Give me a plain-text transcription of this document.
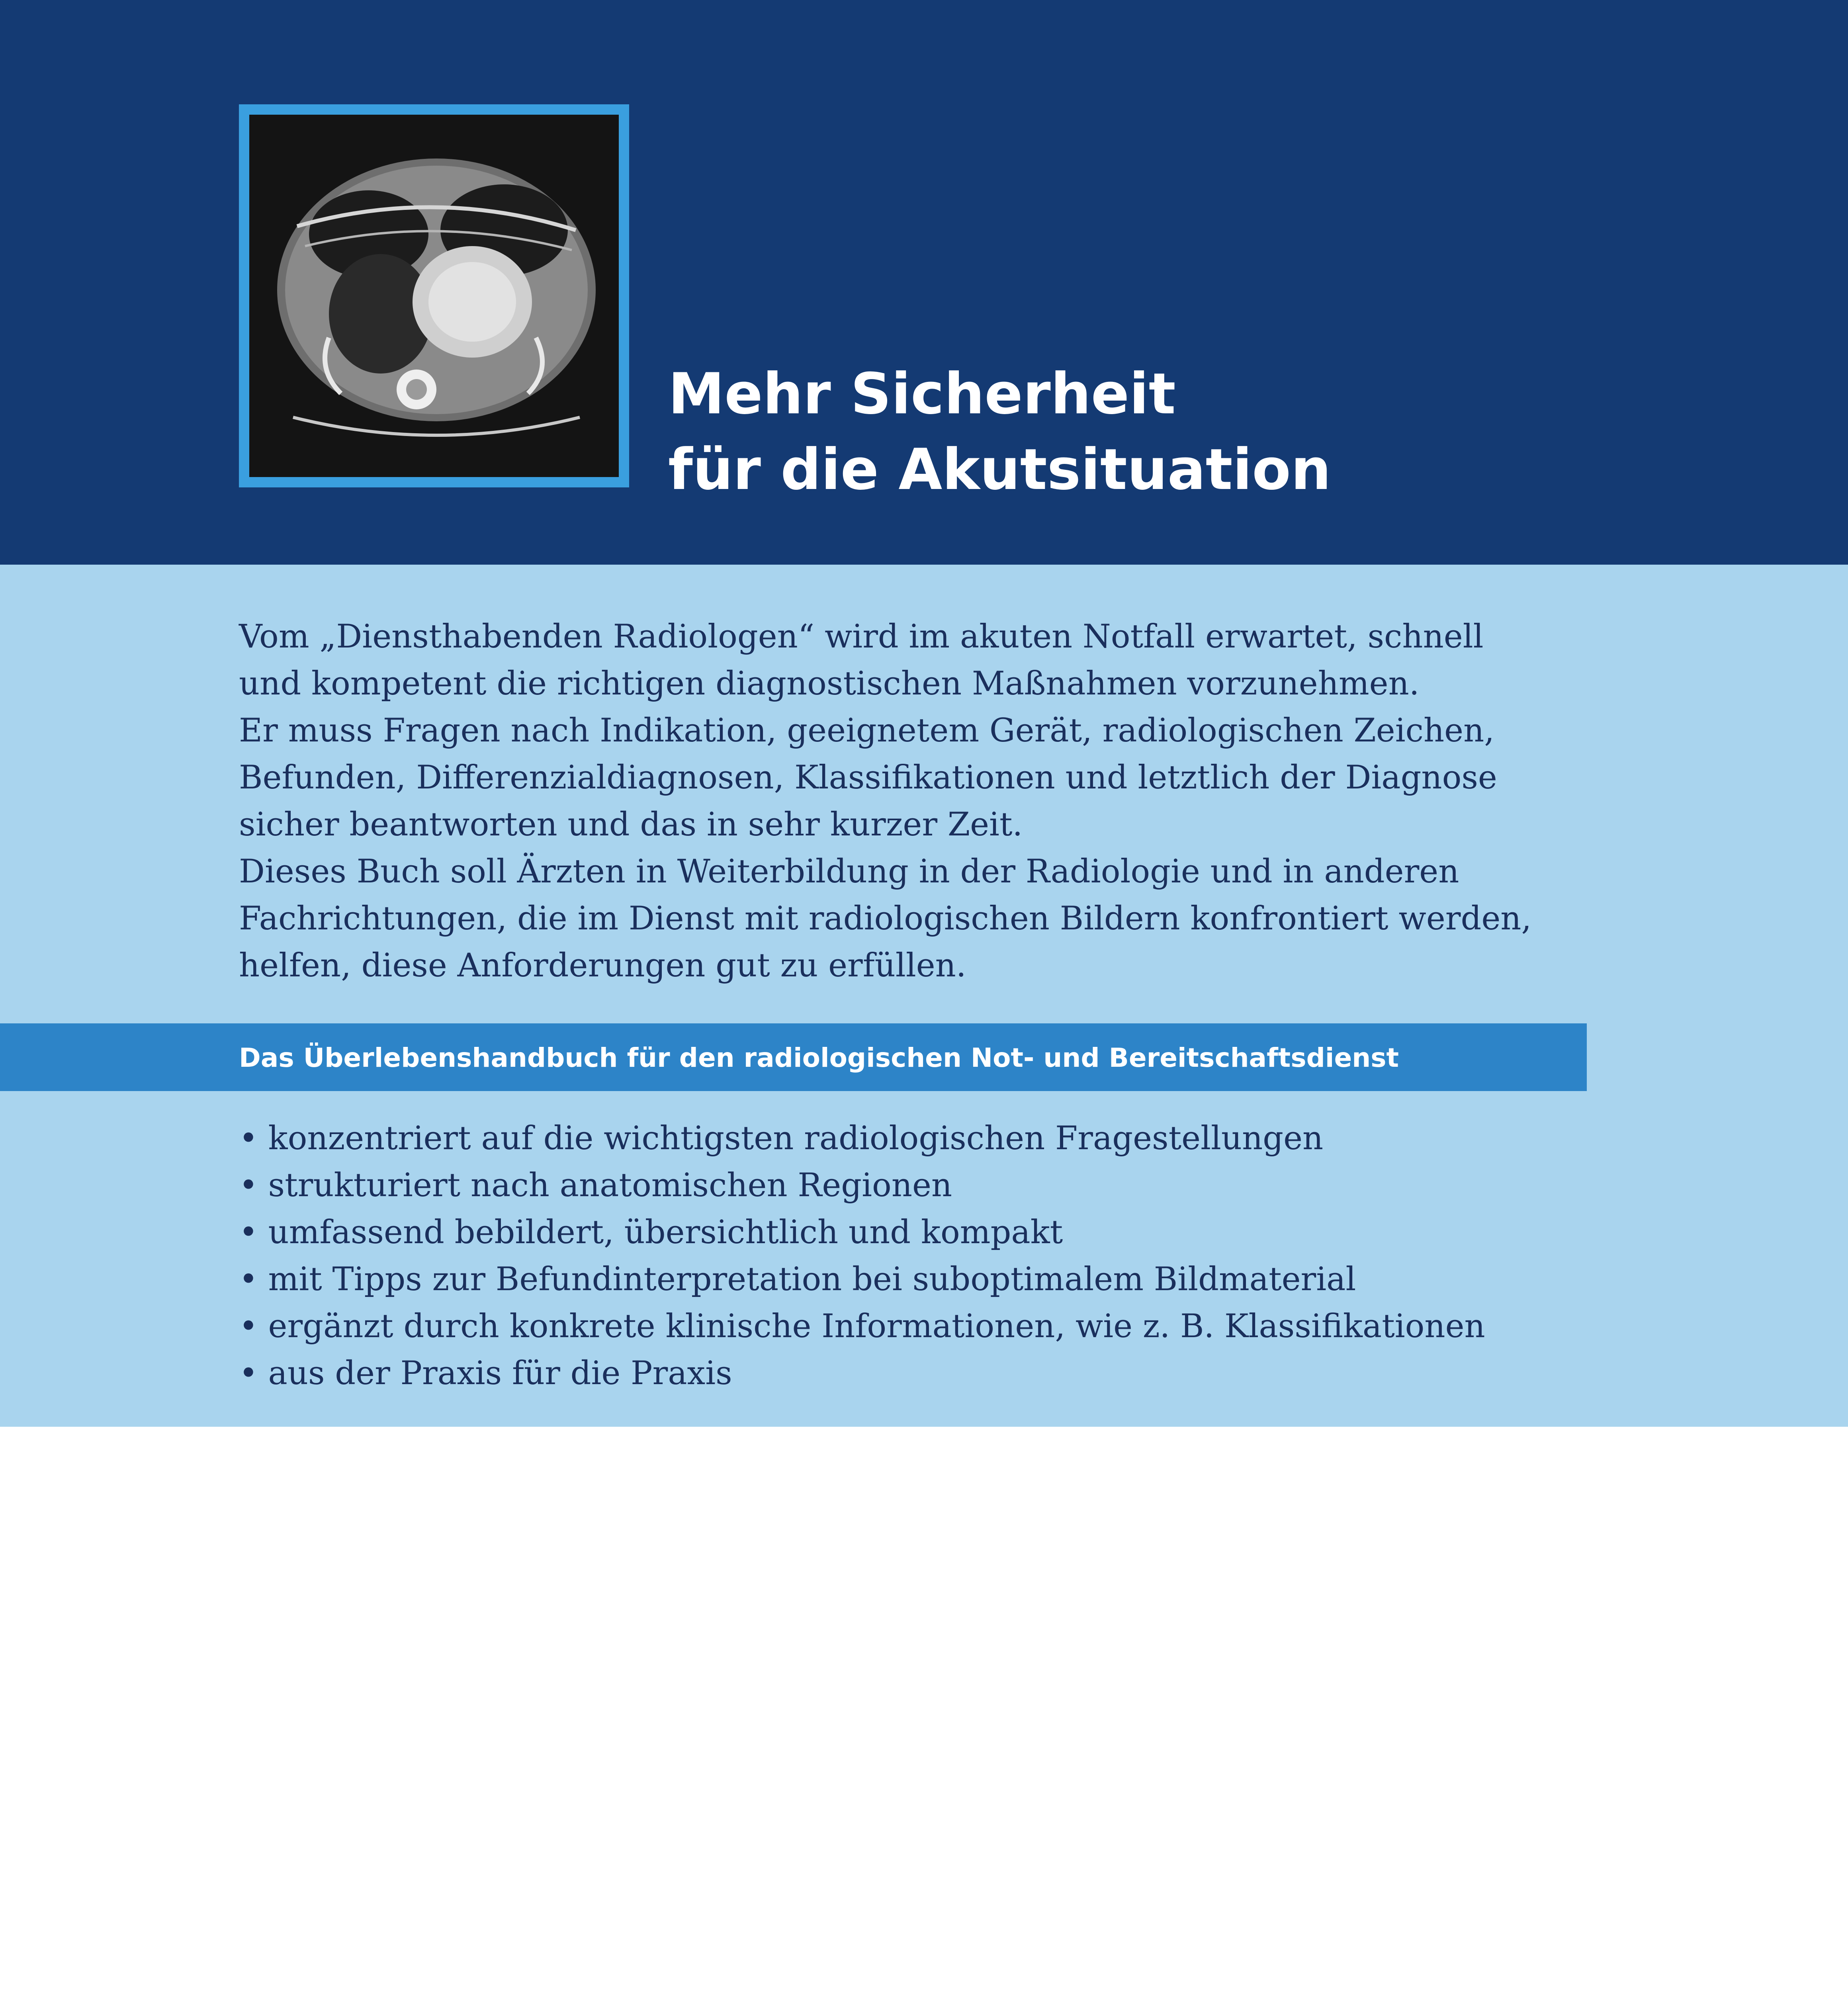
Mehr Sicherheit
für die Akutsituation
Vom „Diensthabenden Radiologen“ wird im akuten Notfall erwartet, schnell
und kompetent die richtigen diagnostischen Maßnahmen vorzunehmen.
Er muss Fragen nach Indikation, geeignetem Gerät, radiologischen Zeichen,
Befunden, Differenzialdiagnosen, Klassifikationen und letztlich der Diagnose
sicher beantworten und das in sehr kurzer Zeit.
Dieses Buch soll Ärzten in Weiterbildung in der Radiologie und in anderen
Fachrichtungen, die im Dienst mit radiologischen Bildern konfrontiert werden,
helfen, diese Anforderungen gut zu erfüllen.
Das Überlebenshandbuch für den radiologischen Not- und Bereitschaftsdienst
• konzentriert auf die wichtigsten radiologischen Fragestellungen
• strukturiert nach anatomischen Regionen
• umfassend bebildert, übersichtlich und kompakt
• mit Tipps zur Befundinterpretation bei suboptimalem Bildmaterial
• ergänzt durch konkrete klinische Informationen, wie z. B. Klassifikationen
• aus der Praxis für die Praxis
